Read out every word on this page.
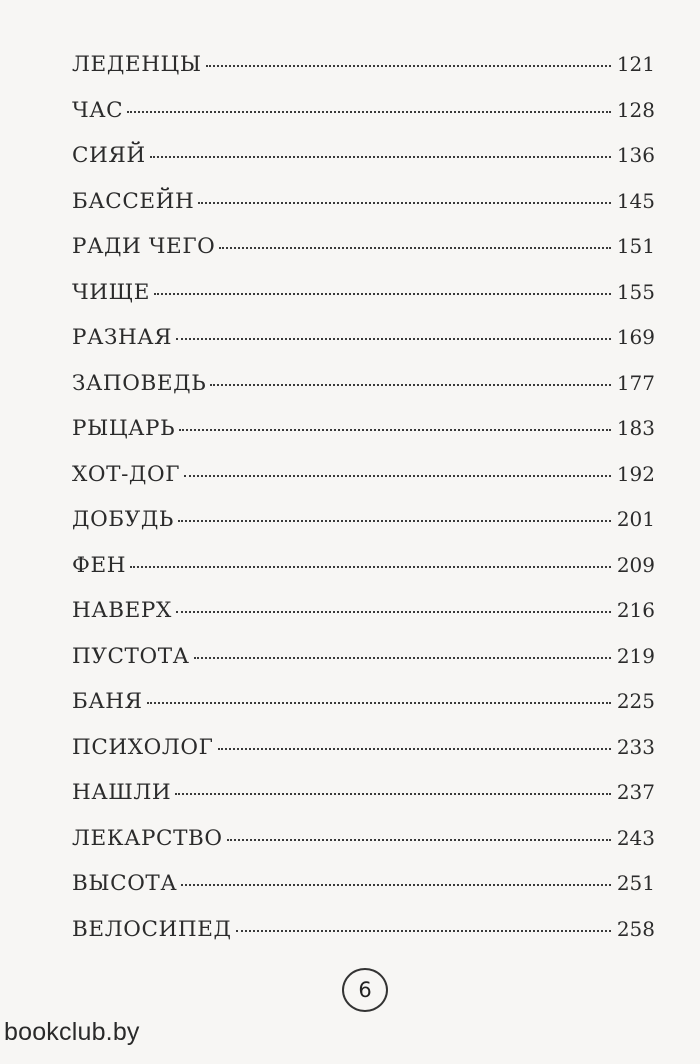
ЛЕДЕНЦЫ	121
ЧАС	128
СИЯЙ	136
БАССЕЙН	145
РАДИ ЧЕГО	151
ЧИЩЕ	155
РАЗНАЯ	169
ЗАПОВЕДЬ	177
РЫЦАРЬ	183
ХОТ-ДОГ	192
ДОБУДЬ	201
ФЕН	209
НАВЕРХ	216
ПУСТОТА	219
БАНЯ	225
ПСИХОЛОГ	233
НАШЛИ	237
ЛЕКАРСТВО	243
ВЫСОТА	251
ВЕЛОСИПЕД	258
6
bookclub.by
